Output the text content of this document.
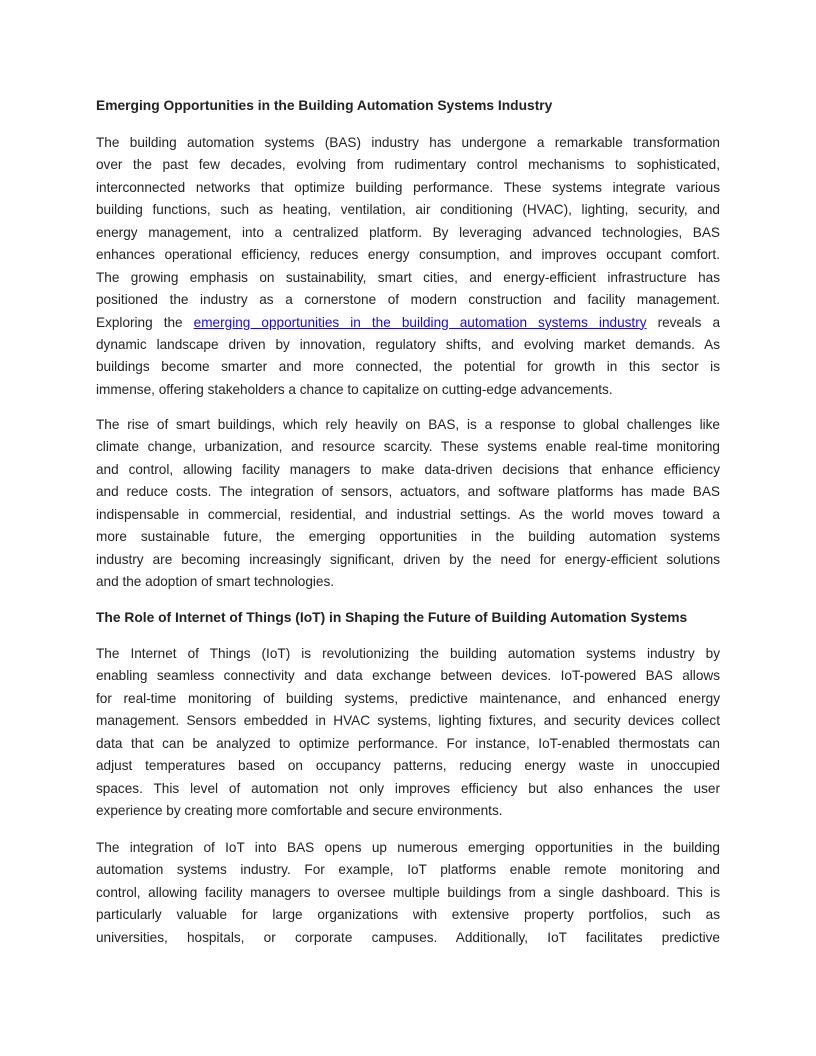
Emerging Opportunities in the Building Automation Systems Industry
The building automation systems (BAS) industry has undergone a remarkable transformation
over the past few decades, evolving from rudimentary control mechanisms to sophisticated,
interconnected networks that optimize building performance. These systems integrate various
building functions, such as heating, ventilation, air conditioning (HVAC), lighting, security, and
energy management, into a centralized platform. By leveraging advanced technologies, BAS
enhances operational efficiency, reduces energy consumption, and improves occupant comfort.
The growing emphasis on sustainability, smart cities, and energy-efficient infrastructure has
positioned the industry as a cornerstone of modern construction and facility management.
Exploring the emerging opportunities in the building automation systems industry reveals a
dynamic landscape driven by innovation, regulatory shifts, and evolving market demands. As
buildings become smarter and more connected, the potential for growth in this sector is
immense, offering stakeholders a chance to capitalize on cutting-edge advancements.
The rise of smart buildings, which rely heavily on BAS, is a response to global challenges like
climate change, urbanization, and resource scarcity. These systems enable real-time monitoring
and control, allowing facility managers to make data-driven decisions that enhance efficiency
and reduce costs. The integration of sensors, actuators, and software platforms has made BAS
indispensable in commercial, residential, and industrial settings. As the world moves toward a
more sustainable future, the emerging opportunities in the building automation systems
industry are becoming increasingly significant, driven by the need for energy-efficient solutions
and the adoption of smart technologies.
The Role of Internet of Things (IoT) in Shaping the Future of Building Automation Systems
The Internet of Things (IoT) is revolutionizing the building automation systems industry by
enabling seamless connectivity and data exchange between devices. IoT-powered BAS allows
for real-time monitoring of building systems, predictive maintenance, and enhanced energy
management. Sensors embedded in HVAC systems, lighting fixtures, and security devices collect
data that can be analyzed to optimize performance. For instance, IoT-enabled thermostats can
adjust temperatures based on occupancy patterns, reducing energy waste in unoccupied
spaces. This level of automation not only improves efficiency but also enhances the user
experience by creating more comfortable and secure environments.
The integration of IoT into BAS opens up numerous emerging opportunities in the building
automation systems industry. For example, IoT platforms enable remote monitoring and
control, allowing facility managers to oversee multiple buildings from a single dashboard. This is
particularly valuable for large organizations with extensive property portfolios, such as
universities, hospitals, or corporate campuses. Additionally, IoT facilitates predictive
